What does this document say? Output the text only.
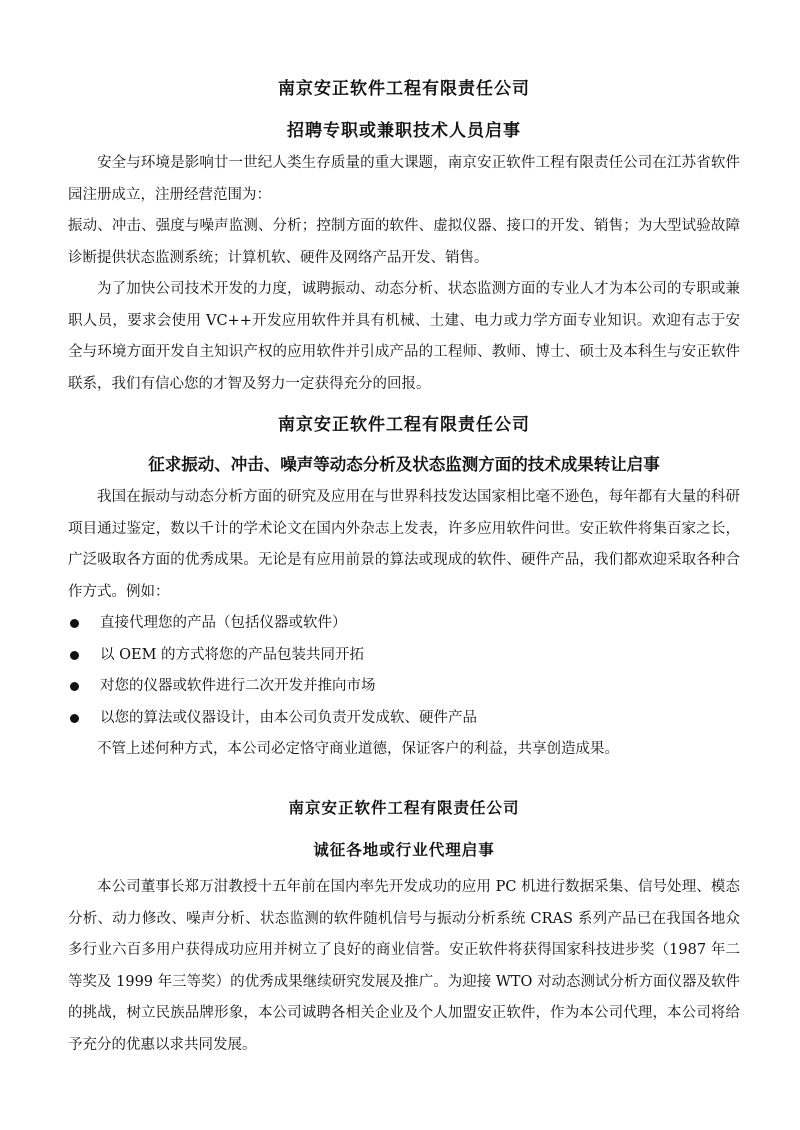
南京安正软件工程有限责任公司
招聘专职或兼职技术人员启事

安全与环境是影响廿一世纪人类生存质量的重大课题，南京安正软件工程有限责任公司在江苏省软件园注册成立，注册经营范围为：

振动、冲击、强度与噪声监测、分析；控制方面的软件、虚拟仪器、接口的开发、销售；为大型试验故障诊断提供状态监测系统；计算机软、硬件及网络产品开发、销售。

为了加快公司技术开发的力度，诚聘振动、动态分析、状态监测方面的专业人才为本公司的专职或兼职人员，要求会使用 VC++开发应用软件并具有机械、土建、电力或力学方面专业知识。欢迎有志于安全与环境方面开发自主知识产权的应用软件并引成产品的工程师、教师、博士、硕士及本科生与安正软件联系，我们有信心您的才智及努力一定获得充分的回报。

南京安正软件工程有限责任公司
征求振动、冲击、噪声等动态分析及状态监测方面的技术成果转让启事

我国在振动与动态分析方面的研究及应用在与世界科技发达国家相比毫不逊色，每年都有大量的科研项目通过鉴定，数以千计的学术论文在国内外杂志上发表，许多应用软件问世。安正软件将集百家之长，广泛吸取各方面的优秀成果。无论是有应用前景的算法或现成的软件、硬件产品，我们都欢迎采取各种合作方式。例如：

直接代理您的产品（包括仪器或软件）
以 OEM 的方式将您的产品包装共同开拓
对您的仪器或软件进行二次开发并推向市场
以您的算法或仪器设计，由本公司负责开发成软、硬件产品

不管上述何种方式，本公司必定恪守商业道德，保证客户的利益，共享创造成果。

南京安正软件工程有限责任公司
诚征各地或行业代理启事

本公司董事长郑万泔教授十五年前在国内率先开发成功的应用 PC 机进行数据采集、信号处理、模态分析、动力修改、噪声分析、状态监测的软件随机信号与振动分析系统 CRAS 系列产品已在我国各地众多行业六百多用户获得成功应用并树立了良好的商业信誉。安正软件将获得国家科技进步奖（1987 年二等奖及 1999 年三等奖）的优秀成果继续研究发展及推广。为迎接 WTO 对动态测试分析方面仪器及软件的挑战，树立民族品牌形象，本公司诚聘各相关企业及个人加盟安正软件，作为本公司代理，本公司将给予充分的优惠以求共同发展。
